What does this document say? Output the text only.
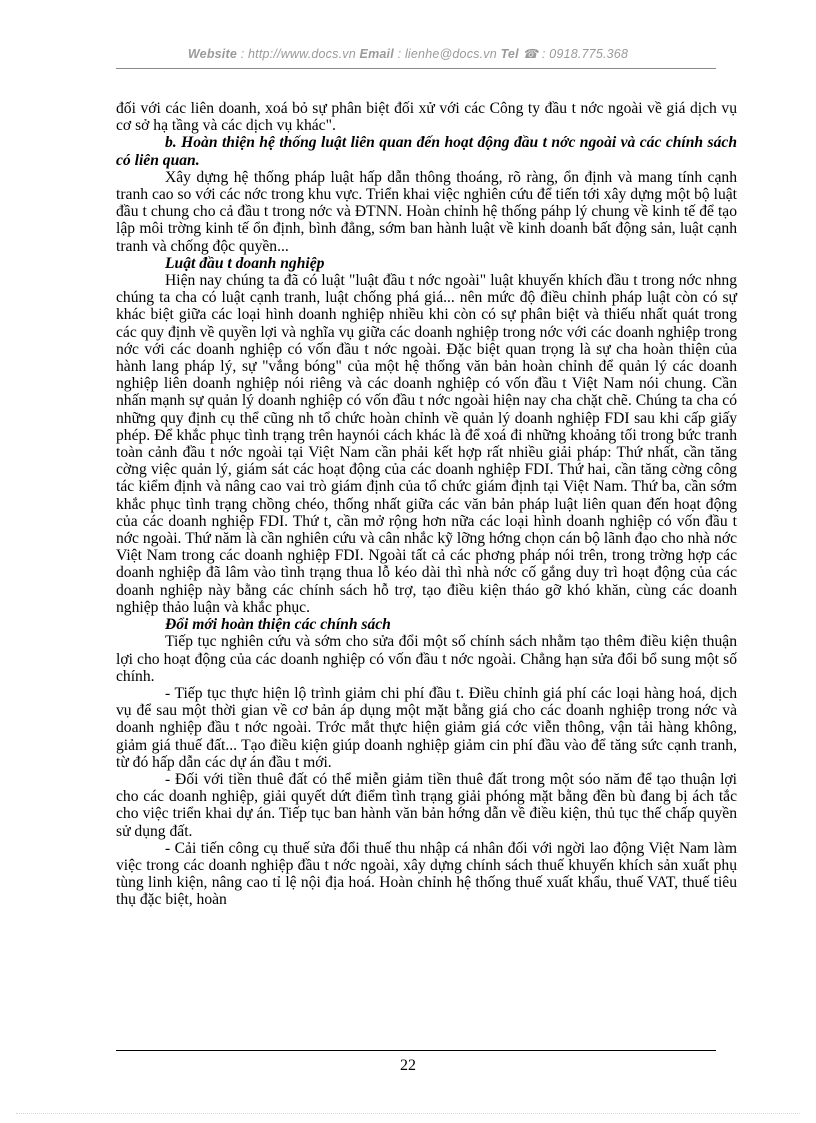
Website : http://www.docs.vn Email : lienhe@docs.vn Tel ☎ : 0918.775.368

đối với các liên doanh, xoá bỏ sự phân biệt đối xử với các Công ty đầu t nớc ngoài về giá dịch vụ cơ sở hạ tầng và các dịch vụ khác".

b. Hoàn thiện hệ thống luật liên quan đến hoạt động đầu t nớc ngoài và các chính sách có liên quan.

Xây dựng hệ thống pháp luật hấp dẫn thông thoáng, rõ ràng, ổn định và mang tính cạnh tranh cao so với các nớc trong khu vực. Triển khai việc nghiên cứu để tiến tới xây dựng một bộ luật đầu t chung cho cả đầu t trong nớc và ĐTNN. Hoàn chỉnh hệ thống páhp lý chung về kinh tế để tạo lập môi trờng kinh tế ổn định, bình đẳng, sớm ban hành luật về kinh doanh bất động sản, luật cạnh tranh và chống độc quyền...

Luật đầu t doanh nghiệp

Hiện nay chúng ta đã có luật "luật đầu t nớc ngoài" luật khuyến khích đầu t trong nớc nhng chúng ta cha có luật cạnh tranh, luật chống phá giá... nên mức độ điều chỉnh pháp luật còn có sự khác biệt giữa các loại hình doanh nghiệp nhiều khi còn có sự phân biệt và thiếu nhất quát trong các quy định về quyền lợi và nghĩa vụ giữa các doanh nghiệp trong nớc với các doanh nghiệp trong nớc với các doanh nghiệp có vốn đầu t nớc ngoài. Đặc biệt quan trọng là sự cha hoàn thiện của hành lang pháp lý, sự "vắng bóng" của một hệ thống văn bản hoàn chỉnh để quản lý các doanh nghiệp liên doanh nghiệp nói riêng và các doanh nghiệp có vốn đầu t Việt Nam nói chung. Cần nhấn mạnh sự quản lý doanh nghiệp có vốn đầu t nớc ngoài hiện nay cha chặt chẽ. Chúng ta cha có những quy định cụ thể cũng nh tổ chức hoàn chỉnh về quản lý doanh nghiệp FDI sau khi cấp giấy phép. Để khắc phục tình trạng trên haynói cách khác là để xoá đi những khoảng tối trong bức tranh toàn cảnh đầu t nớc ngoài tại Việt Nam cần phải kết hợp rất nhiều giải pháp: Thứ nhất, cần tăng cờng việc quản lý, giám sát các hoạt động của các doanh nghiệp FDI. Thứ hai, cần tăng cờng công tác kiểm định và nâng cao vai trò giám định của tổ chức giám định tại Việt Nam. Thứ ba, cần sớm khắc phục tình trạng chồng chéo, thống nhất giữa các văn bản pháp luật liên quan đến hoạt động của các doanh nghiệp FDI. Thứ t, cần mở rộng hơn nữa các loại hình doanh nghiệp có vốn đầu t nớc ngoài. Thứ năm là cần nghiên cứu và cân nhắc kỹ lỡng hớng chọn cán bộ lãnh đạo cho nhà nớc Việt Nam trong các doanh nghiệp FDI. Ngoài tất cả các phơng pháp nói trên, trong trờng hợp các doanh nghiệp đã lâm vào tình trạng thua lỗ kéo dài thì nhà nớc cố gắng duy trì hoạt động của các doanh nghiệp này bằng các chính sách hỗ trợ, tạo điều kiện tháo gỡ khó khăn, cùng các doanh nghiệp thảo luận và khắc phục.

Đổi mới hoàn thiện các chính sách

Tiếp tục nghiên cứu và sớm cho sửa đổi một số chính sách nhằm tạo thêm điều kiện thuận lợi cho hoạt động của các doanh nghiệp có vốn đầu t nớc ngoài. Chẳng hạn sửa đổi bổ sung một số chính.

- Tiếp tục thực hiện lộ trình giảm chi phí đầu t. Điều chỉnh giá phí các loại hàng hoá, dịch vụ để sau một thời gian về cơ bản áp dụng một mặt bằng giá cho các doanh nghiệp trong nớc và doanh nghiệp đầu t nớc ngoài. Trớc mắt thực hiện giảm giá cớc viễn thông, vận tải hàng không, giảm giá thuế đất... Tạo điều kiện giúp doanh nghiệp giảm cin phí đầu vào để tăng sức cạnh tranh, từ đó hấp dẫn các dự án đầu t mới.

- Đối với tiền thuê đất có thể miễn giảm tiền thuê đất trong một sóo năm để tạo thuận lợi cho các doanh nghiệp, giải quyết dứt điểm tình trạng giải phóng mặt bằng đền bù đang bị ách tắc cho việc triển khai dự án. Tiếp tục ban hành văn bản hớng dẫn về điều kiện, thủ tục thế chấp quyền sử dụng đất.

- Cải tiến công cụ thuế sửa đổi thuế thu nhập cá nhân đối với ngời lao động Việt Nam làm việc trong các doanh nghiệp đầu t nớc ngoài, xây dựng chính sách thuế khuyến khích sản xuất phụ tùng linh kiện, nâng cao tỉ lệ nội địa hoá. Hoàn chỉnh hệ thống thuế xuất khẩu, thuế VAT, thuế tiêu thụ đặc biệt, hoàn

22
